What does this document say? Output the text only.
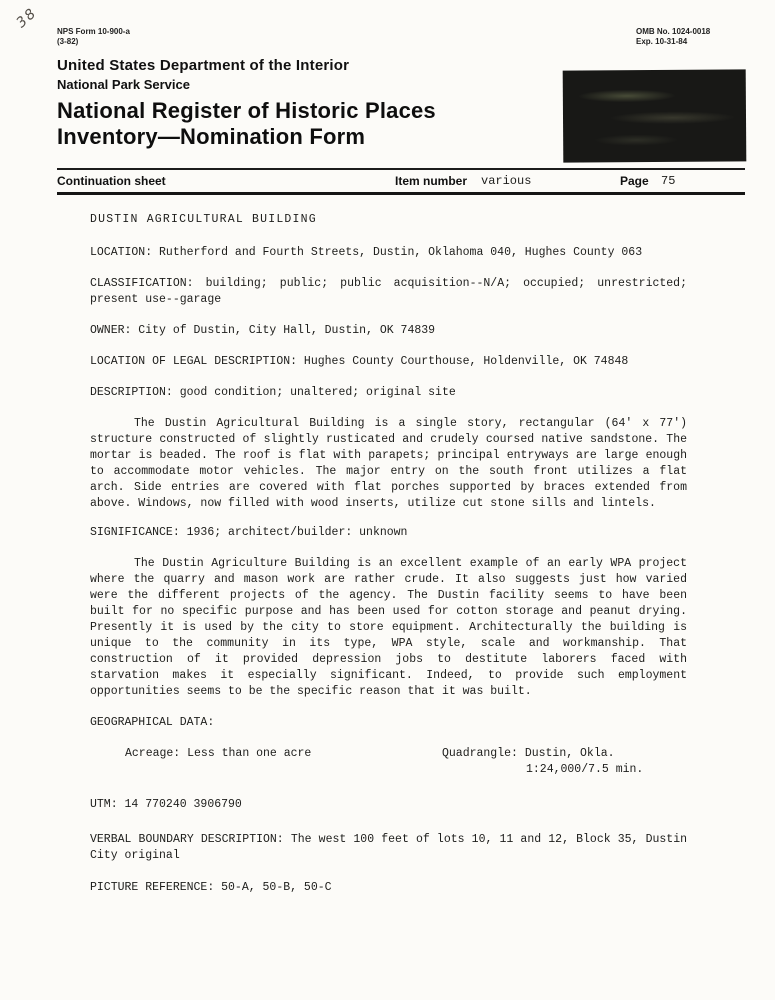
38
NPS Form 10-900-a
(3-82)
OMB No. 1024-0018
Exp. 10-31-84
United States Department of the Interior
National Park Service
National Register of Historic Places
Inventory—Nomination Form
Continuation sheet	Item number various	Page 75

DUSTIN AGRICULTURAL BUILDING

LOCATION: Rutherford and Fourth Streets, Dustin, Oklahoma 040, Hughes County 063

CLASSIFICATION: building; public; public acquisition--N/A; occupied; unrestricted; present use--garage

OWNER: City of Dustin, City Hall, Dustin, OK 74839

LOCATION OF LEGAL DESCRIPTION: Hughes County Courthouse, Holdenville, OK 74848

DESCRIPTION: good condition; unaltered; original site

The Dustin Agricultural Building is a single story, rectangular (64' x 77') structure constructed of slightly rusticated and crudely coursed native sandstone. The mortar is beaded. The roof is flat with parapets; principal entryways are large enough to accommodate motor vehicles. The major entry on the south front utilizes a flat arch. Side entries are covered with flat porches supported by braces extended from above. Windows, now filled with wood inserts, utilize cut stone sills and lintels.

SIGNIFICANCE: 1936; architect/builder: unknown

The Dustin Agriculture Building is an excellent example of an early WPA project where the quarry and mason work are rather crude. It also suggests just how varied were the different projects of the agency. The Dustin facility seems to have been built for no specific purpose and has been used for cotton storage and peanut drying. Presently it is used by the city to store equipment. Architecturally the building is unique to the community in its type, WPA style, scale and workmanship. That construction of it provided depression jobs to destitute laborers faced with starvation makes it especially significant. Indeed, to provide such employment opportunities seems to be the specific reason that it was built.

GEOGRAPHICAL DATA:

Acreage: Less than one acre	Quadrangle: Dustin, Okla.
1:24,000/7.5 min.

UTM: 14 770240 3906790

VERBAL BOUNDARY DESCRIPTION: The west 100 feet of lots 10, 11 and 12, Block 35, Dustin City original

PICTURE REFERENCE: 50-A, 50-B, 50-C
